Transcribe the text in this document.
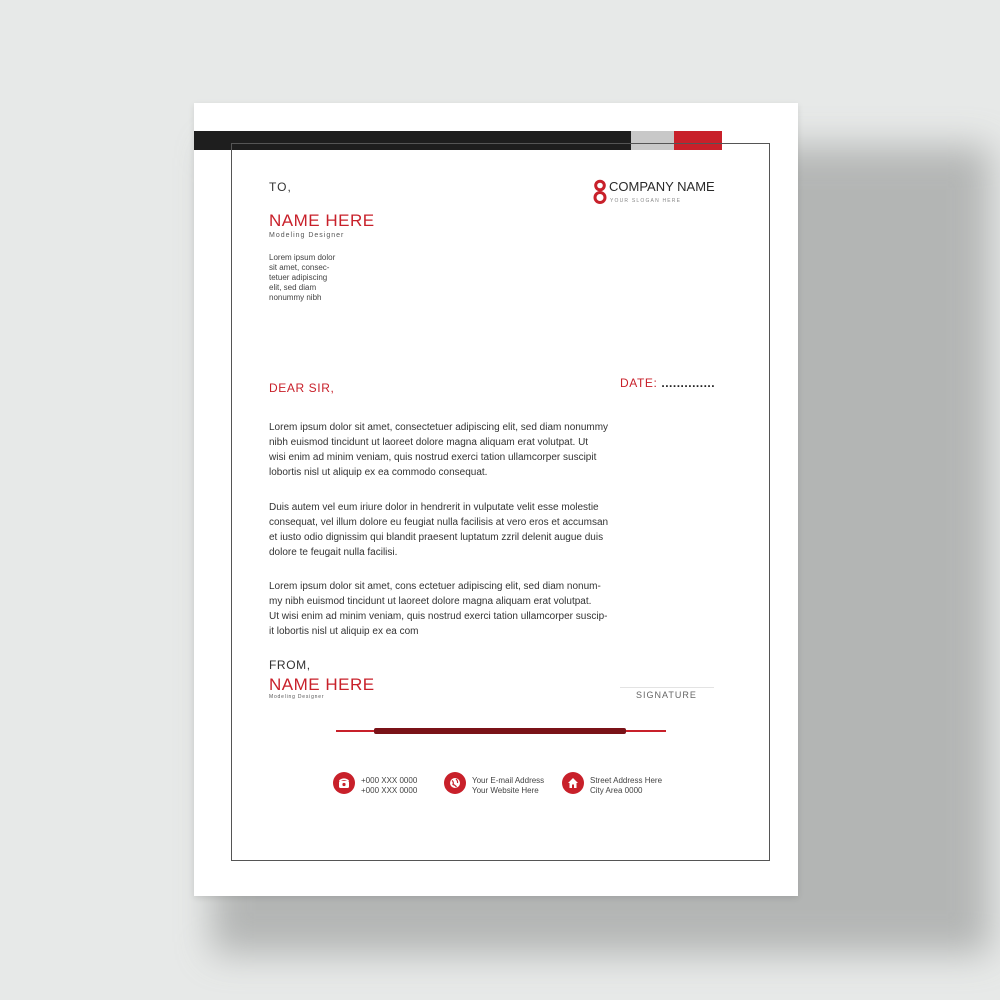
TO,
NAME HERE
Modeling Designer
Lorem ipsum dolor
sit amet, consec-
tetuer adipiscing
elit, sed diam
nonummy nibh
COMPANY NAME
YOUR SLOGAN HERE
DEAR SIR,	DATE: ..............
Lorem ipsum dolor sit amet, consectetuer adipiscing elit, sed diam nonummy
nibh euismod tincidunt ut laoreet dolore magna aliquam erat volutpat. Ut
wisi enim ad minim veniam, quis nostrud exerci tation ullamcorper suscipit
lobortis nisl ut aliquip ex ea commodo consequat.
Duis autem vel eum iriure dolor in hendrerit in vulputate velit esse molestie
consequat, vel illum dolore eu feugiat nulla facilisis at vero eros et accumsan
et iusto odio dignissim qui blandit praesent luptatum zzril delenit augue duis
dolore te feugait nulla facilisi.
Lorem ipsum dolor sit amet, cons ectetuer adipiscing elit, sed diam nonum-
my nibh euismod tincidunt ut laoreet dolore magna aliquam erat volutpat.
Ut wisi enim ad minim veniam, quis nostrud exerci tation ullamcorper suscip-
it lobortis nisl ut aliquip ex ea com
FROM,
NAME HERE
Modeling Designer	SIGNATURE
+000 XXX 0000
+000 XXX 0000
Your E-mail Address
Your Website Here
Street Address Here
City Area 0000
